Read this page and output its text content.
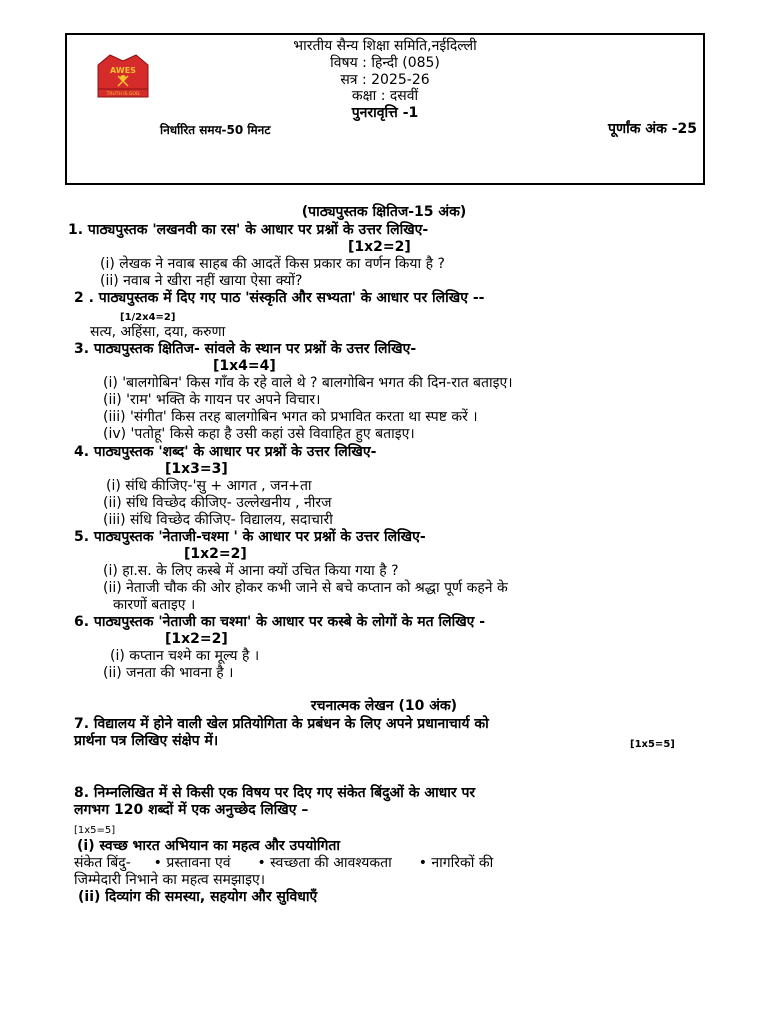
AWES
TRUTH IS GOD
भारतीय सैन्य शिक्षा समिति,नईदिल्ली
विषय : हिन्दी (085)
सत्र : 2025-26
कक्षा : दसवीं
पुनरावृत्ति -1
निर्धारित समय-50 मिनट	पूर्णांक अंक -25
(पाठ्यपुस्तक क्षितिज-15 अंक)
1. पाठ्यपुस्तक 'लखनवी का रस' के आधार पर प्रश्नों के उत्तर लिखिए-
[1x2=2]
(i) लेखक ने नवाब साहब की आदतें किस प्रकार का वर्णन किया है ?
(ii) नवाब ने खीरा नहीं खाया ऐसा क्यों?
2 . पाठ्यपुस्तक में दिए गए पाठ 'संस्कृति और सभ्यता' के आधार पर लिखिए --
[1/2x4=2]
सत्य, अहिंसा, दया, करुणा
3. पाठ्यपुस्तक क्षितिज- सांवले के स्थान पर प्रश्नों के उत्तर लिखिए-
[1x4=4]
(i) 'बालगोबिन' किस गाँव के रहे वाले थे ? बालगोबिन भगत की दिन-रात बताइए।
(ii) 'राम' भक्ति के गायन पर अपने विचार।
(iii) 'संगीत' किस तरह बालगोबिन भगत को प्रभावित करता था स्पष्ट करें ।
(iv) 'पतोहू' किसे कहा है उसी कहां उसे विवाहित हुए बताइए।
4. पाठ्यपुस्तक 'शब्द' के आधार पर प्रश्नों के उत्तर लिखिए-
[1x3=3]
(i) संधि कीजिए-'सु + आगत , जन+ता
(ii) संधि विच्छेद कीजिए- उल्लेखनीय , नीरज
(iii) संधि विच्छेद कीजिए- विद्यालय, सदाचारी
5. पाठ्यपुस्तक 'नेताजी-चश्मा ' के आधार पर प्रश्नों के उत्तर लिखिए-
[1x2=2]
(i) हा.स. के लिए कस्बे में आना क्यों उचित किया गया है ?
(ii) नेताजी चौक की ओर होकर कभी जाने से बचे कप्तान को श्रद्धा पूर्ण कहने के
कारणों बताइए ।
6. पाठ्यपुस्तक 'नेताजी का चश्मा' के आधार पर कस्बे के लोगों के मत लिखिए -
[1x2=2]
(i) कप्तान चश्मे का मूल्य है ।
(ii) जनता की भावना है ।
रचनात्मक लेखन (10 अंक)
7. विद्यालय में होने वाली खेल प्रतियोगिता के प्रबंधन के लिए अपने प्रधानाचार्य को
प्रार्थना पत्र लिखिए संक्षेप में।	[1x5=5]
8. निम्नलिखित में से किसी एक विषय पर दिए गए संकेत बिंदुओं के आधार पर
लगभग 120 शब्दों में एक अनुच्छेद लिखिए –
[1x5=5]
(i) स्वच्छ भारत अभियान का महत्व और उपयोगिता
संकेत बिंदु- • प्रस्तावना एवं • स्वच्छता की आवश्यकता • नागरिकों की
जिम्मेदारी निभाने का महत्व समझाइए।
(ii) दिव्यांग की समस्या, सहयोग और सुविधाएँ
